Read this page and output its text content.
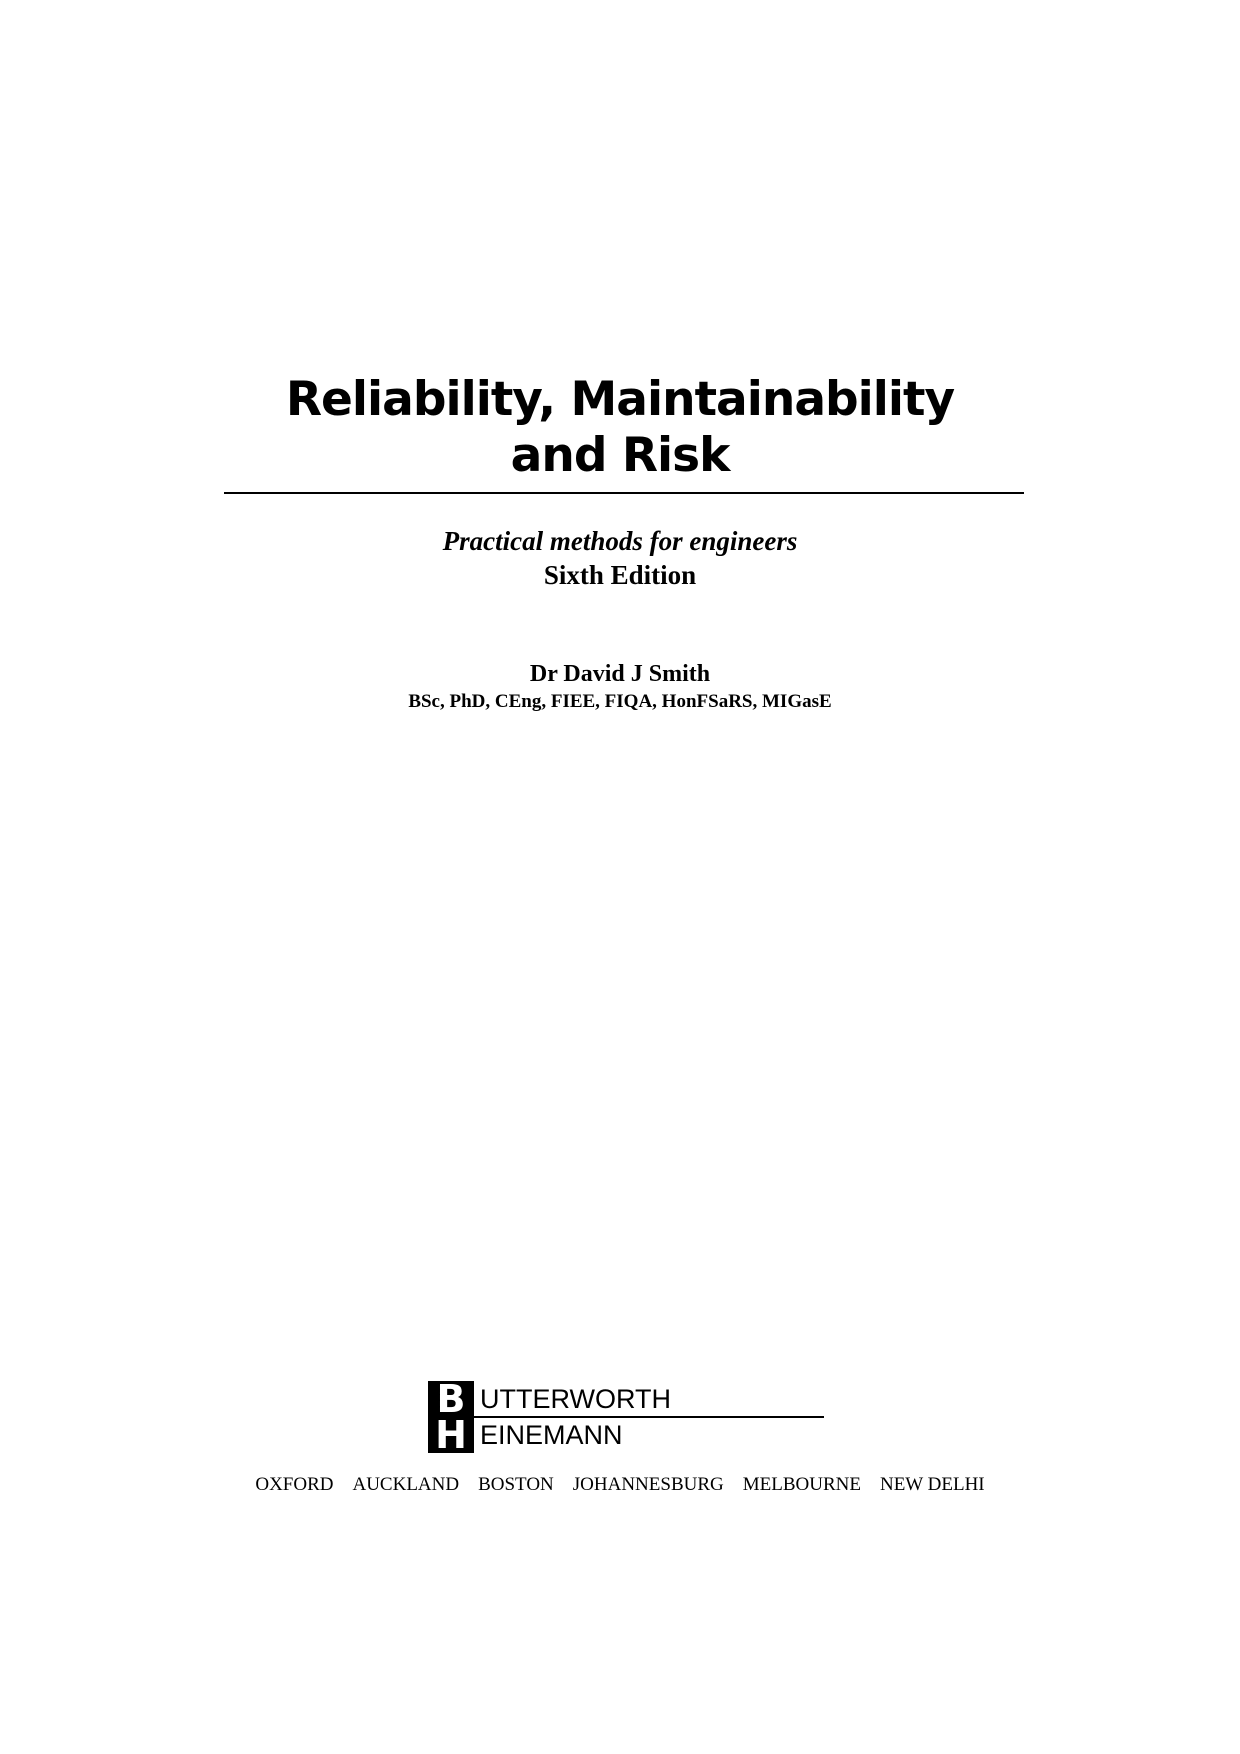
Reliability, Maintainability
and Risk
Practical methods for engineers
Sixth Edition
Dr David J Smith
BSc, PhD, CEng, FIEE, FIQA, HonFSaRS, MIGasE
B
H
UTTERWORTH
EINEMANN
OXFORD AUCKLAND BOSTON JOHANNESBURG MELBOURNE NEW DELHI
